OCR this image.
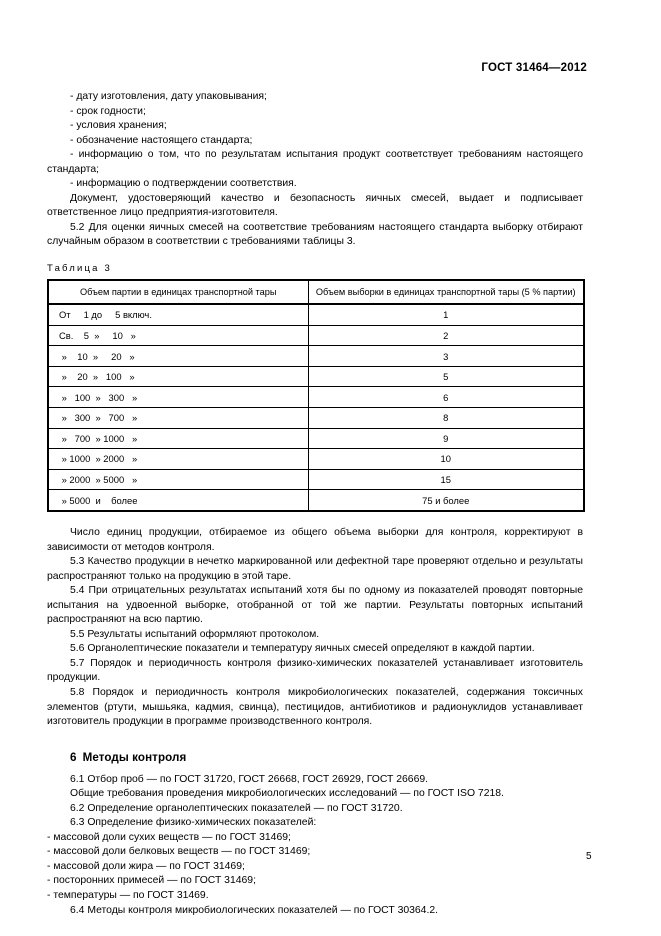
ГОСТ 31464—2012

- дату изготовления, дату упаковывания;

- срок годности;

- условия хранения;

- обозначение настоящего стандарта;

- информацию о том, что по результатам испытания продукт соответствует требованиям настоящего стандарта;

- информацию о подтверждении соответствия.

Документ, удостоверяющий качество и безопасность яичных смесей, выдает и подписывает ответственное лицо предприятия-изготовителя.

5.2 Для оценки яичных смесей на соответствие требованиям настоящего стандарта выборку отбирают случайным образом в соответствии с требованиями таблицы 3.

Таблица 3

Объем партии в единицах транспортной тары	Объем выборки в единицах транспортной тары (5 % партии)
От     1 до     5 включ.	1
Св.    5  »     10   »	2
»    10  »     20   »	3
»    20  »   100   »	5
»   100  »   300   »	6
»   300  »   700   »	8
»   700  » 1000   »	9
» 1000  » 2000   »	10
» 2000  » 5000   »	15
» 5000  и    более	75 и более

Число единиц продукции, отбираемое из общего объема выборки для контроля, корректируют в зависимости от методов контроля.

5.3 Качество продукции в нечетко маркированной или дефектной таре проверяют отдельно и результаты распространяют только на продукцию в этой таре.

5.4 При отрицательных результатах испытаний хотя бы по одному из показателей проводят повторные испытания на удвоенной выборке, отобранной от той же партии. Результаты повторных испытаний распространяют на всю партию.

5.5 Результаты испытаний оформляют протоколом.

5.6 Органолептические показатели и температуру яичных смесей определяют в каждой партии.

5.7 Порядок и периодичность контроля физико-химических показателей устанавливает изготовитель продукции.

5.8 Порядок и периодичность контроля микробиологических показателей, содержания токсичных элементов (ртути, мышьяка, кадмия, свинца), пестицидов, антибиотиков и радионуклидов устанавливает изготовитель продукции в программе производственного контроля.

6 Методы контроля

6.1 Отбор проб — по ГОСТ 31720, ГОСТ 26668, ГОСТ 26929, ГОСТ 26669.

Общие требования проведения микробиологических исследований — по ГОСТ ISO 7218.

6.2 Определение органолептических показателей — по ГОСТ 31720.

6.3 Определение физико-химических показателей:

- массовой доли сухих веществ — по ГОСТ 31469;

- массовой доли белковых веществ — по ГОСТ 31469;

- массовой доли жира — по ГОСТ 31469;

- посторонних примесей — по ГОСТ 31469;

- температуры — по ГОСТ 31469.

6.4 Методы контроля микробиологических показателей — по ГОСТ 30364.2.

5
